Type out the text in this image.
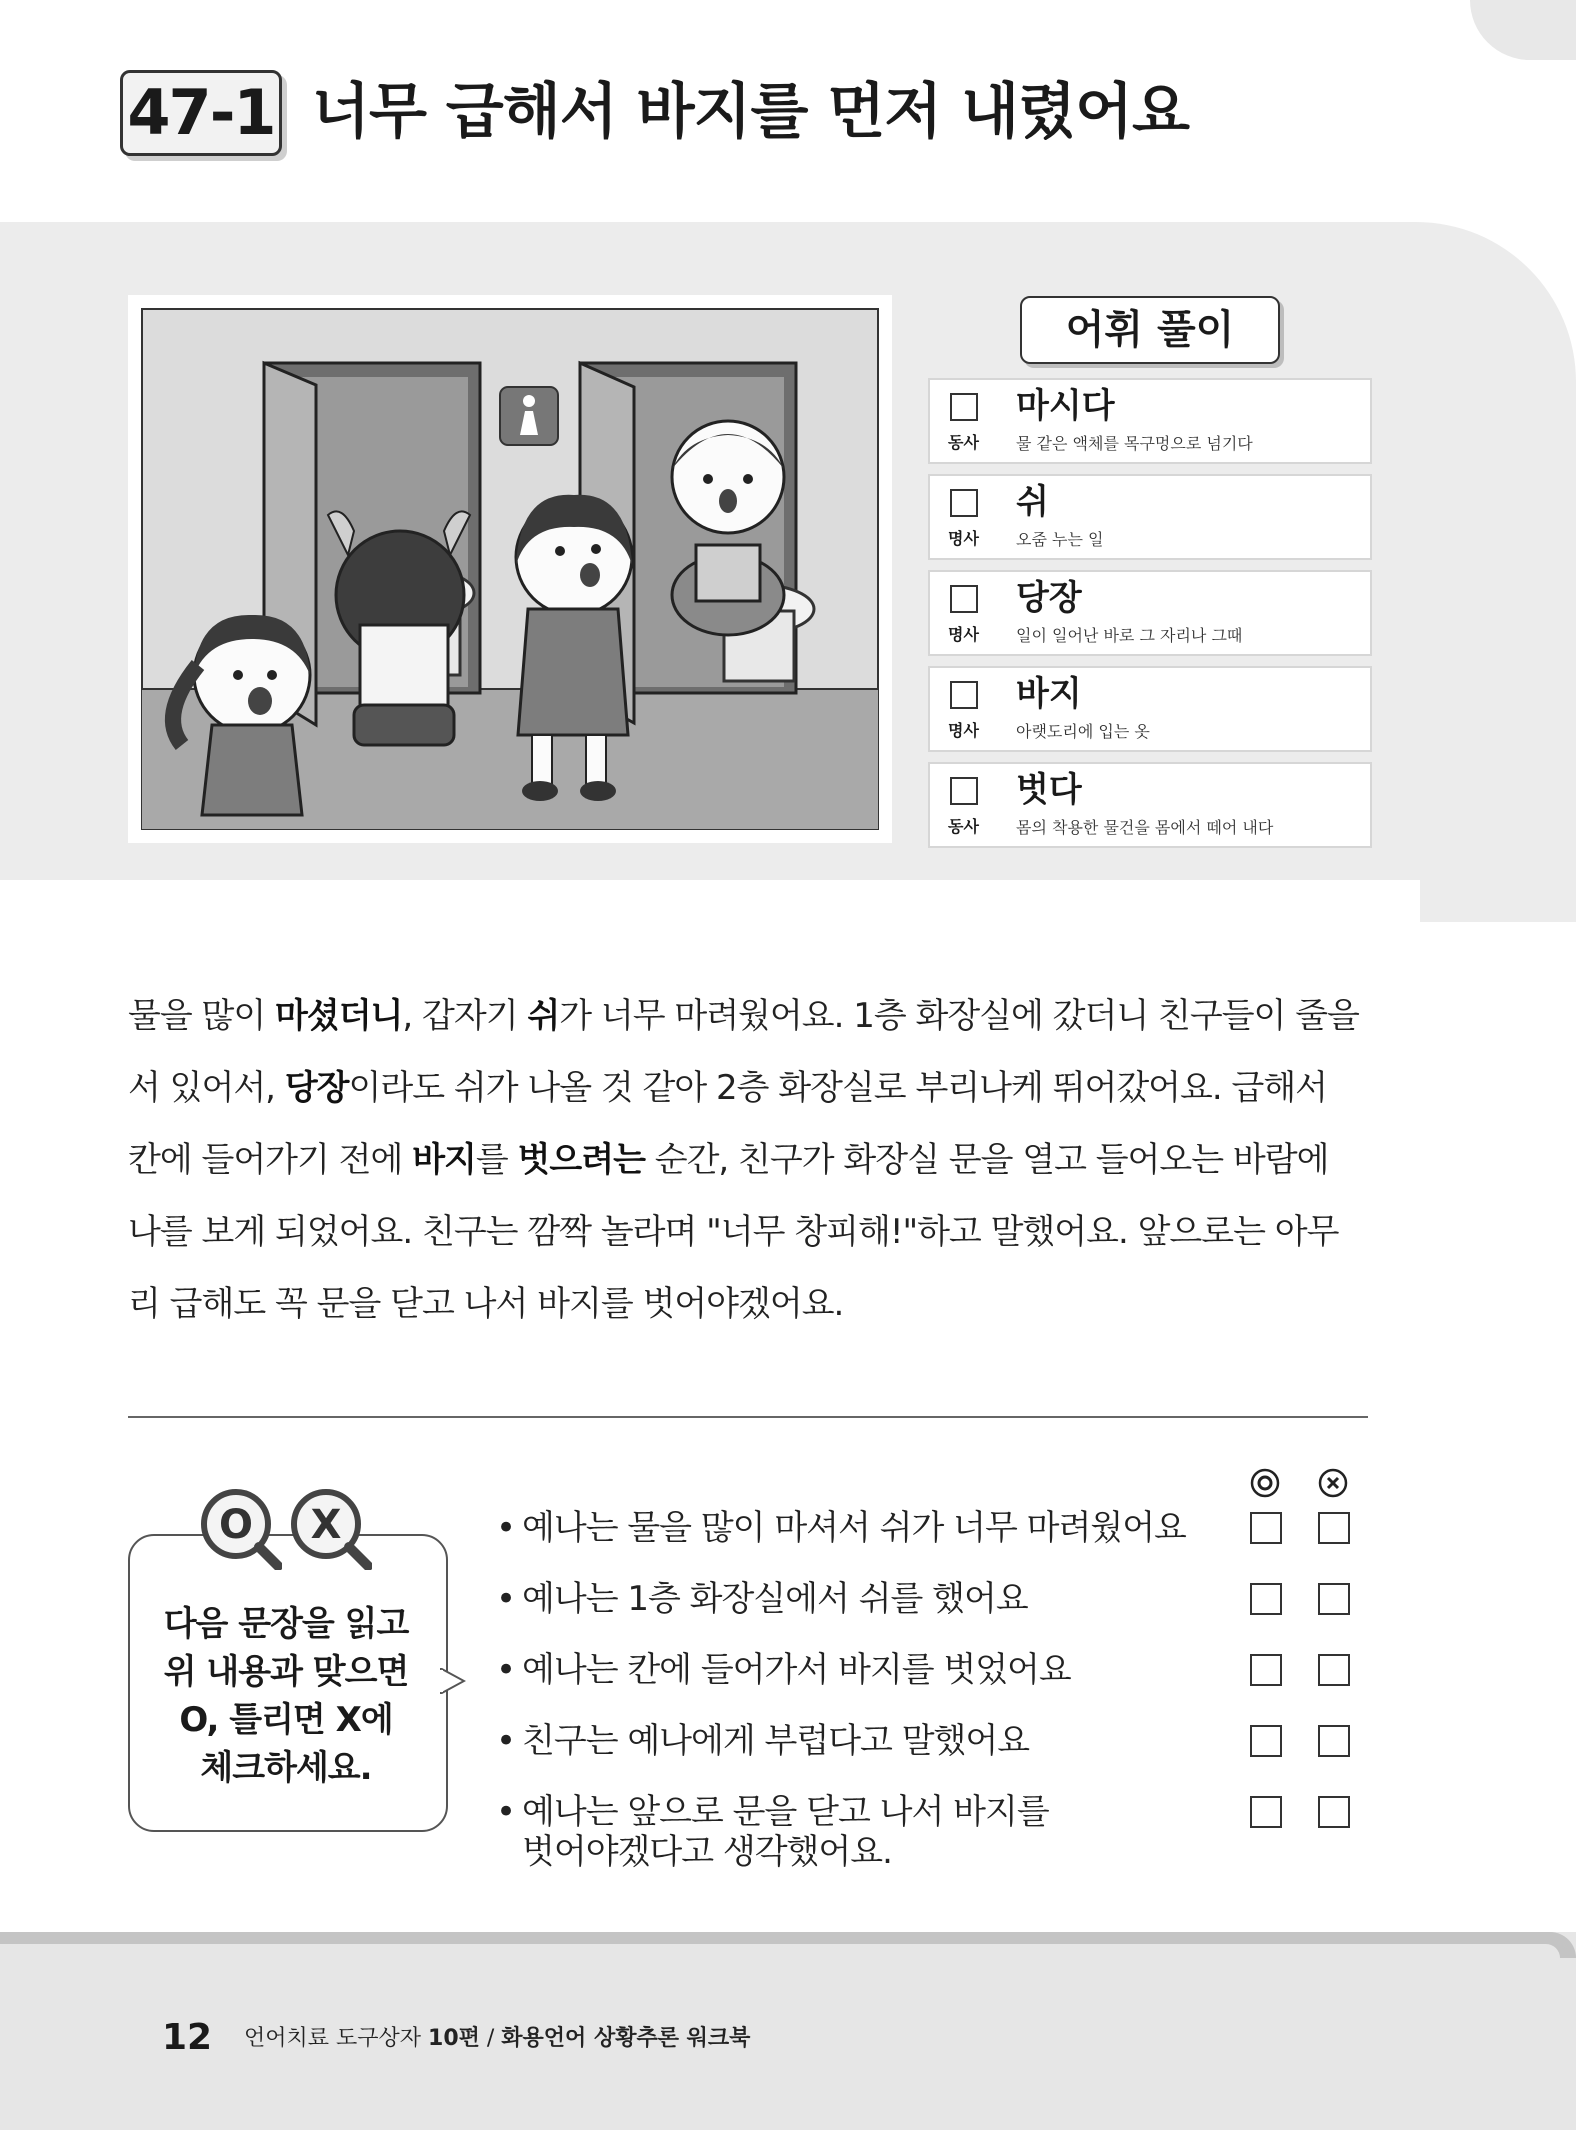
47-1 너무 급해서 바지를 먼저 내렸어요
어휘 풀이
마시다
동사 물 같은 액체를 목구멍으로 넘기다
쉬
명사 오줌 누는 일
당장
명사 일이 일어난 바로 그 자리나 그때
바지
명사 아랫도리에 입는 옷
벗다
동사 몸의 착용한 물건을 몸에서 떼어 내다
물을 많이 마셨더니, 갑자기 쉬가 너무 마려웠어요. 1층 화장실에 갔더니 친구들이 줄을 서 있어서, 당장이라도 쉬가 나올 것 같아 2층 화장실로 부리나케 뛰어갔어요. 급해서 칸에 들어가기 전에 바지를 벗으려는 순간, 친구가 화장실 문을 열고 들어오는 바람에 나를 보게 되었어요. 친구는 깜짝 놀라며 "너무 창피해!"하고 말했어요. 앞으로는 아무리 급해도 꼭 문을 닫고 나서 바지를 벗어야겠어요.
O X
다음 문장을 읽고
위 내용과 맞으면
O, 틀리면 X에
체크하세요.
• 예나는 물을 많이 마셔서 쉬가 너무 마려웠어요
• 예나는 1층 화장실에서 쉬를 했어요
• 예나는 칸에 들어가서 바지를 벗었어요
• 친구는 예나에게 부럽다고 말했어요
• 예나는 앞으로 문을 닫고 나서 바지를
벗어야겠다고 생각했어요.
12 언어치료 도구상자 10편 / 화용언어 상황추론 워크북
